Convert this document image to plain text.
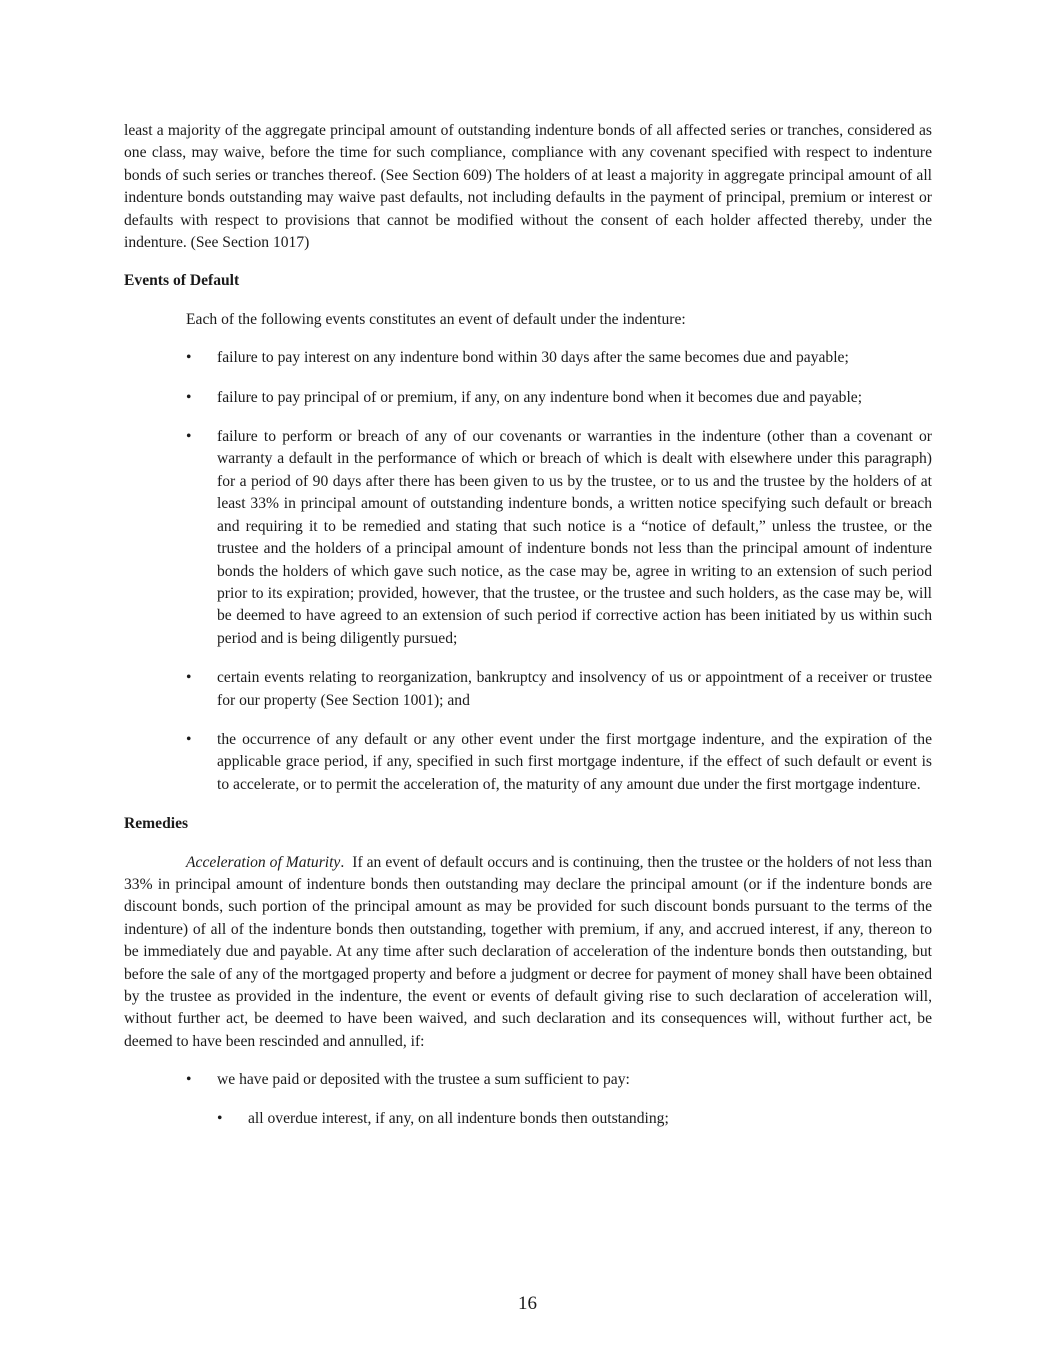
least a majority of the aggregate principal amount of outstanding indenture bonds of all affected series or tranches, considered as one class, may waive, before the time for such compliance, compliance with any covenant specified with respect to indenture bonds of such series or tranches thereof. (See Section 609) The holders of at least a majority in aggregate principal amount of all indenture bonds outstanding may waive past defaults, not including defaults in the payment of principal, premium or interest or defaults with respect to provisions that cannot be modified without the consent of each holder affected thereby, under the indenture. (See Section 1017)

Events of Default

Each of the following events constitutes an event of default under the indenture:

• failure to pay interest on any indenture bond within 30 days after the same becomes due and payable;

• failure to pay principal of or premium, if any, on any indenture bond when it becomes due and payable;

• failure to perform or breach of any of our covenants or warranties in the indenture (other than a covenant or warranty a default in the performance of which or breach of which is dealt with elsewhere under this paragraph) for a period of 90 days after there has been given to us by the trustee, or to us and the trustee by the holders of at least 33% in principal amount of outstanding indenture bonds, a written notice specifying such default or breach and requiring it to be remedied and stating that such notice is a “notice of default,” unless the trustee, or the trustee and the holders of a principal amount of indenture bonds not less than the principal amount of indenture bonds the holders of which gave such notice, as the case may be, agree in writing to an extension of such period prior to its expiration; provided, however, that the trustee, or the trustee and such holders, as the case may be, will be deemed to have agreed to an extension of such period if corrective action has been initiated by us within such period and is being diligently pursued;

• certain events relating to reorganization, bankruptcy and insolvency of us or appointment of a receiver or trustee for our property (See Section 1001); and

• the occurrence of any default or any other event under the first mortgage indenture, and the expiration of the applicable grace period, if any, specified in such first mortgage indenture, if the effect of such default or event is to accelerate, or to permit the acceleration of, the maturity of any amount due under the first mortgage indenture.

Remedies

Acceleration of Maturity.  If an event of default occurs and is continuing, then the trustee or the holders of not less than 33% in principal amount of indenture bonds then outstanding may declare the principal amount (or if the indenture bonds are discount bonds, such portion of the principal amount as may be provided for such discount bonds pursuant to the terms of the indenture) of all of the indenture bonds then outstanding, together with premium, if any, and accrued interest, if any, thereon to be immediately due and payable. At any time after such declaration of acceleration of the indenture bonds then outstanding, but before the sale of any of the mortgaged property and before a judgment or decree for payment of money shall have been obtained by the trustee as provided in the indenture, the event or events of default giving rise to such declaration of acceleration will, without further act, be deemed to have been waived, and such declaration and its consequences will, without further act, be deemed to have been rescinded and annulled, if:

• we have paid or deposited with the trustee a sum sufficient to pay:

• all overdue interest, if any, on all indenture bonds then outstanding;

16
